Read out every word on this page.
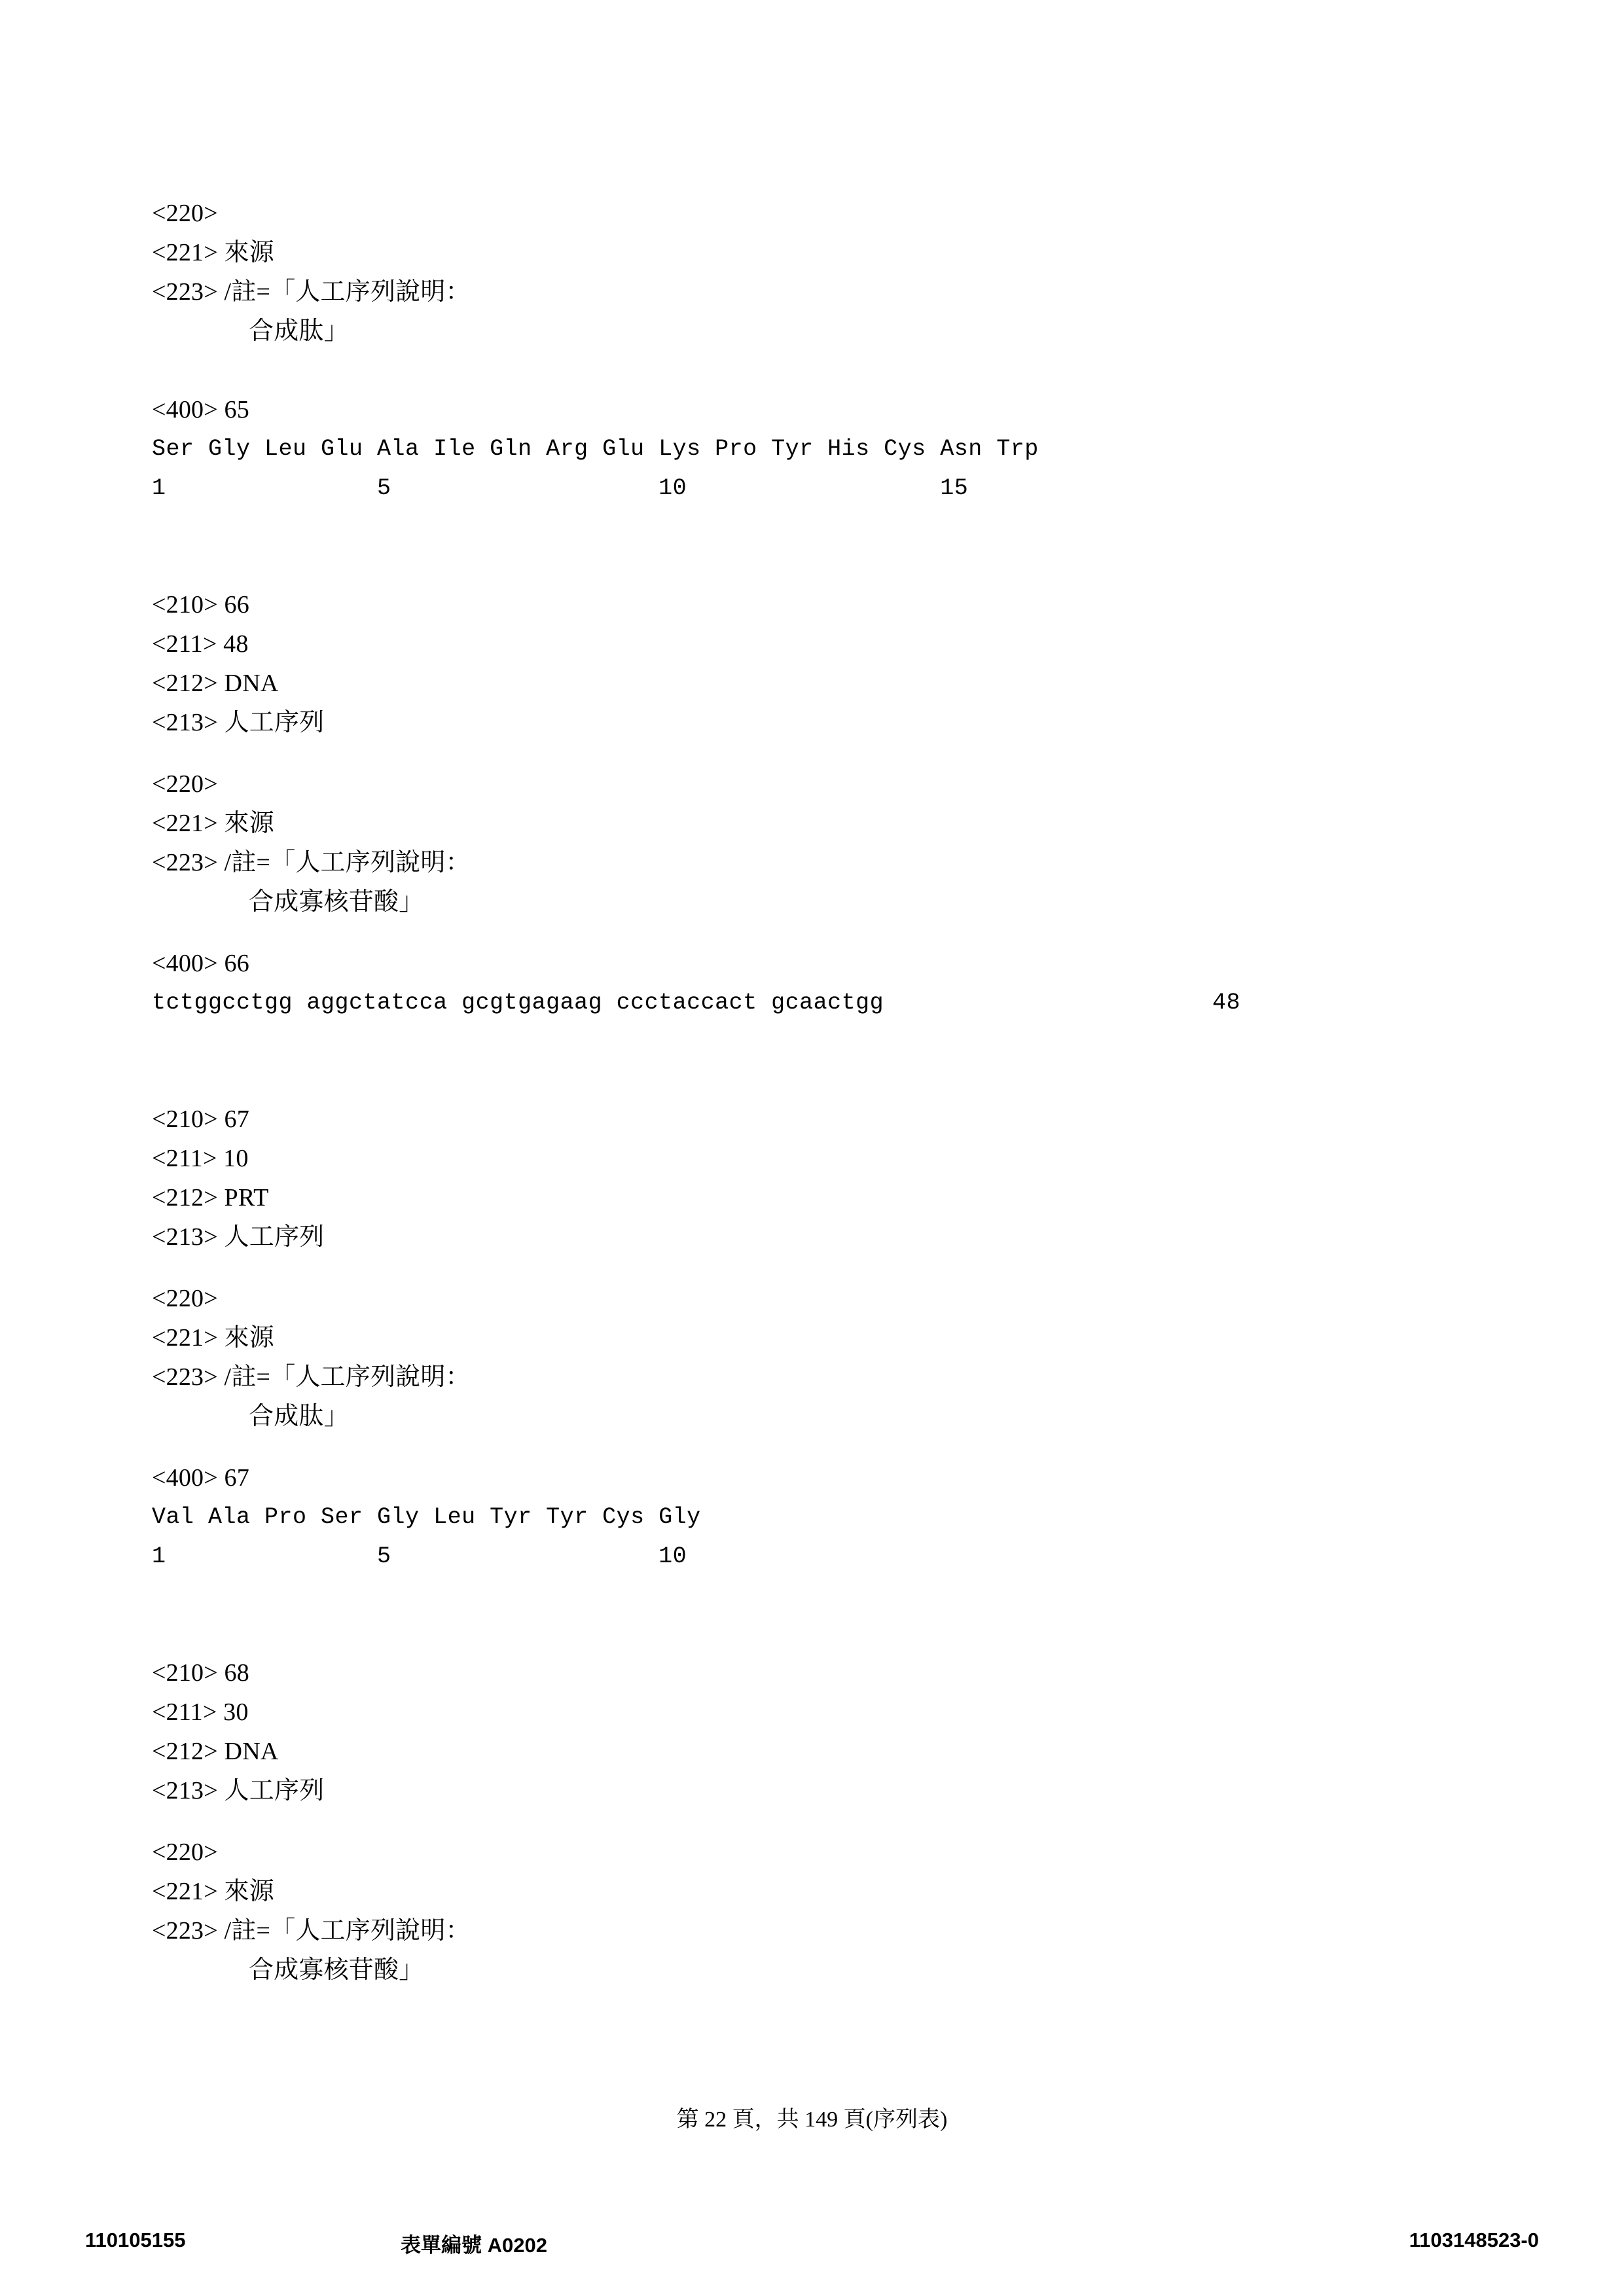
<220>
<221> 來源
<223> /註=「人工序列說明：
合成肽」
<400> 65
Ser Gly Leu Glu Ala Ile Gln Arg Glu Lys Pro Tyr His Cys Asn Trp
1               5                   10                  15
<210> 66
<211> 48
<212> DNA
<213> 人工序列
<220>
<221> 來源
<223> /註=「人工序列說明：
合成寡核苷酸」
<400> 66
tctggcctgg aggctatcca gcgtgagaag ccctaccact gcaactgg	48
<210> 67
<211> 10
<212> PRT
<213> 人工序列
<220>
<221> 來源
<223> /註=「人工序列說明：
合成肽」
<400> 67
Val Ala Pro Ser Gly Leu Tyr Tyr Cys Gly
1               5                   10
<210> 68
<211> 30
<212> DNA
<213> 人工序列
<220>
<221> 來源
<223> /註=「人工序列說明：
合成寡核苷酸」
第 22 頁，共 149 頁(序列表)
110105155	表單編號 A0202	1103148523-0
